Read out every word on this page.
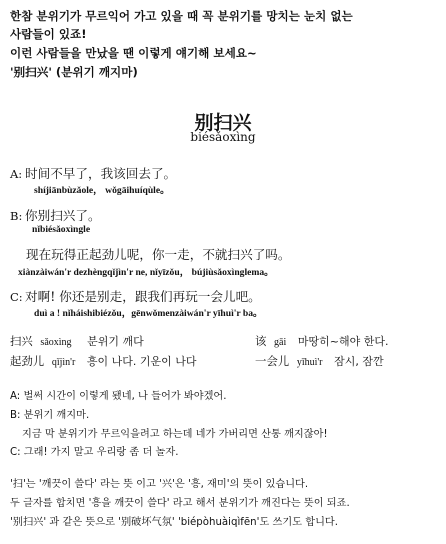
한참 분위기가 무르익어 가고 있을 때 꼭 분위기를 망치는 눈치 없는
사람들이 있죠!
이런 사람들을 만났을 땐 이렇게 얘기해 보세요~
'别扫兴' (분위기 깨지마)
别扫兴
biésǎoxìng
A: 时间不早了，我该回去了。
shíjiānbùzǎole， wǒgāihuíqùle。
B: 你别扫兴了。
nǐbiésǎoxìngle
现在玩得正起劲儿呢，你一走，不就扫兴了吗。
xiànzàiwán'r dezhèngqǐjìn'r ne, nǐyīzǒu， bújiùsǎoxìnglema。
C: 对啊! 你还是别走，跟我们再玩一会儿吧。
duì a ! nǐháishibiézǒu，gēnwǒmenzàiwán'r yīhuì'r ba。
扫兴 sǎoxìng 분위기 깨다	该 gāi 마땅히~해야 한다.
起劲儿 qǐjìn'r 흥이 나다. 기운이 나다	一会儿 yīhuì'r 잠시, 잠깐
A: 벌써 시간이 이렇게 됐네, 나 들어가 봐야겠어.
B: 분위기 깨지마.
지금 막 분위기가 무르익을려고 하는데 네가 가버리면 산통 깨지잖아!
C: 그래! 가지 말고 우리랑 좀 더 놀자.
'扫'는 '깨끗이 쓸다' 라는 뜻 이고 '兴'은 '흥, 재미'의 뜻이 있습니다.
두 글자를 합치면 '흥을 깨끗이 쓸다' 라고 해서 분위기가 깨진다는 뜻이 되죠.
'别扫兴' 과 같은 뜻으로 '别破坏气氛' 'biépòhuàiqìfēn'도 쓰기도 합니다.
